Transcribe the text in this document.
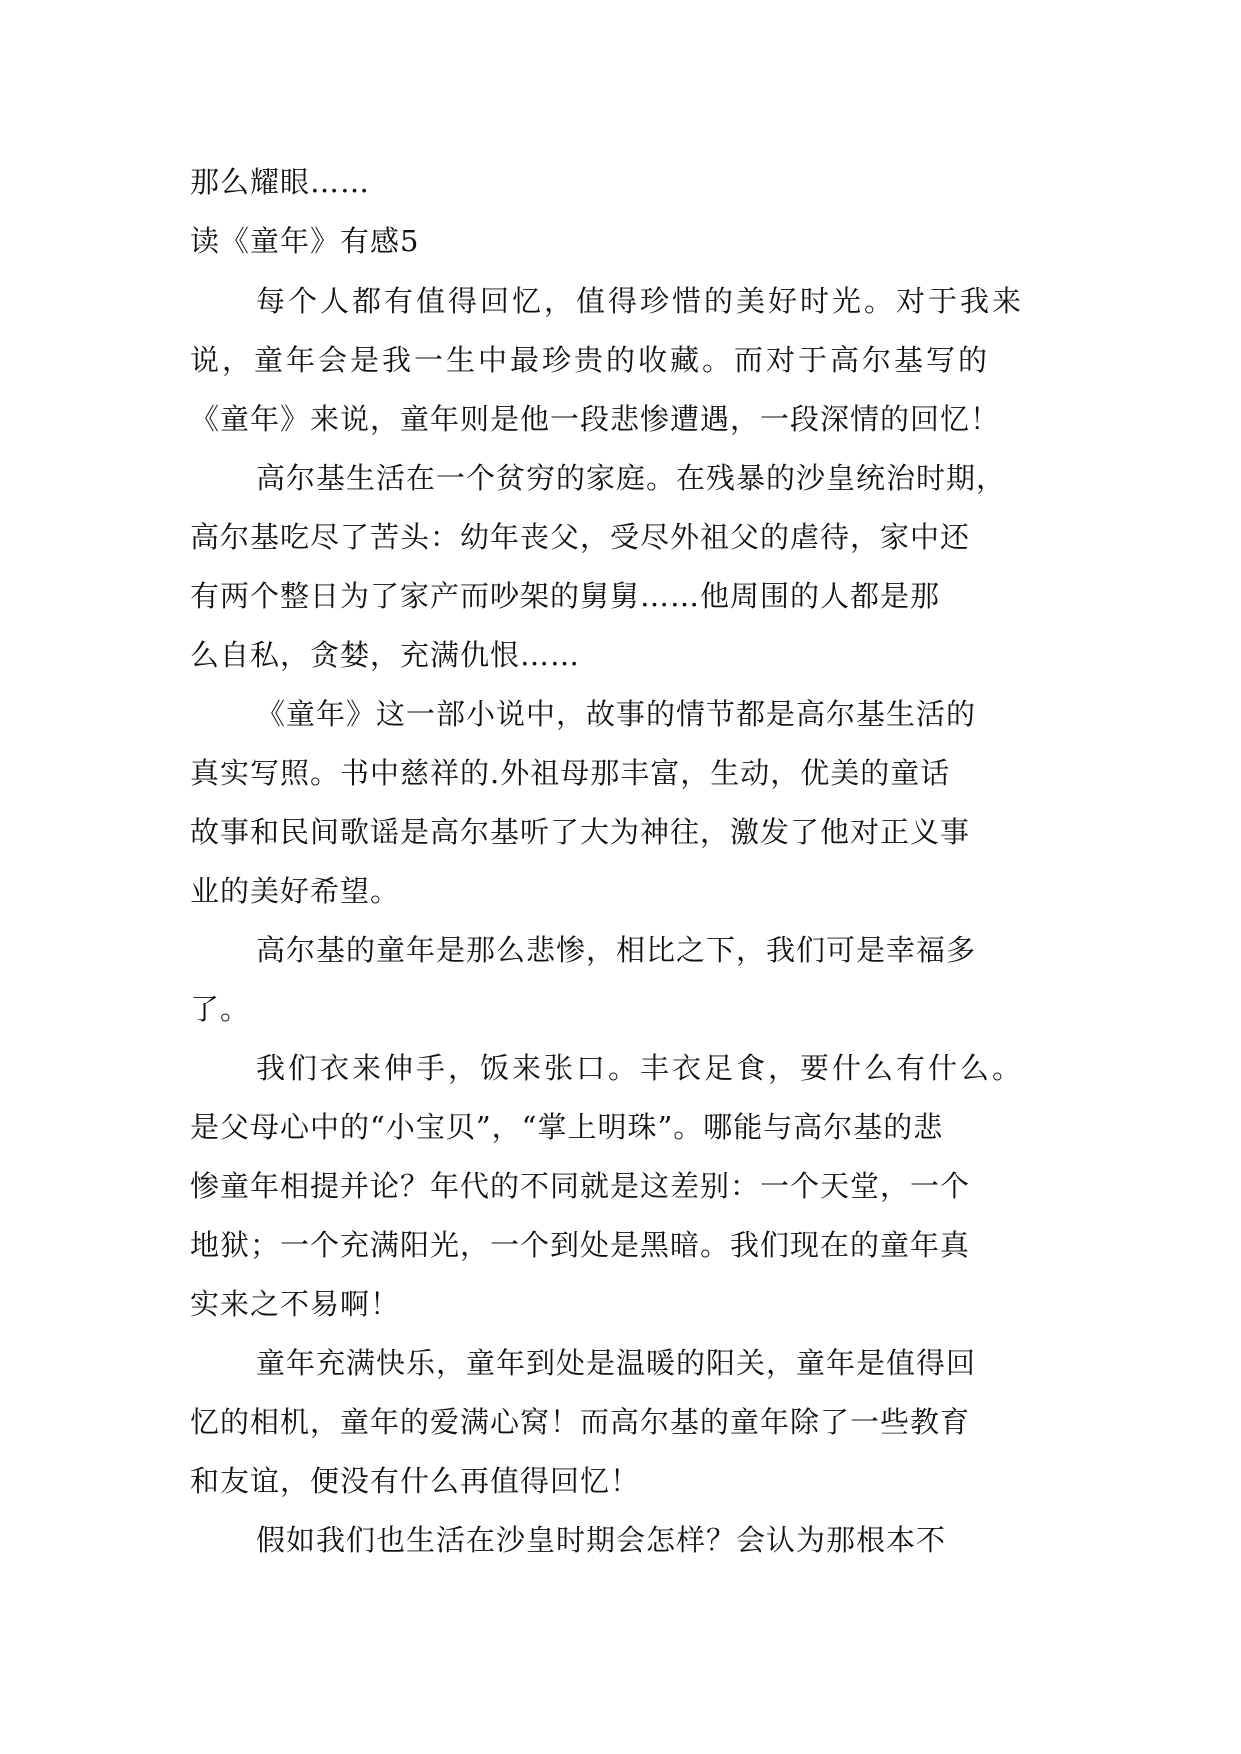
那么耀眼……
读《童年》有感5
每个人都有值得回忆，值得珍惜的美好时光。对于我来
说，童年会是我一生中最珍贵的收藏。而对于高尔基写的
《童年》来说，童年则是他一段悲惨遭遇，一段深情的回忆！
高尔基生活在一个贫穷的家庭。在残暴的沙皇统治时期，
高尔基吃尽了苦头：幼年丧父，受尽外祖父的虐待，家中还
有两个整日为了家产而吵架的舅舅……他周围的人都是那
么自私，贪婪，充满仇恨……
《童年》这一部小说中，故事的情节都是高尔基生活的
真实写照。书中慈祥的.外祖母那丰富，生动，优美的童话
故事和民间歌谣是高尔基听了大为神往，激发了他对正义事
业的美好希望。
高尔基的童年是那么悲惨，相比之下，我们可是幸福多
了。
我们衣来伸手，饭来张口。丰衣足食，要什么有什么。
是父母心中的“小宝贝”，“掌上明珠”。哪能与高尔基的悲
惨童年相提并论？年代的不同就是这差别：一个天堂，一个
地狱；一个充满阳光，一个到处是黑暗。我们现在的童年真
实来之不易啊！
童年充满快乐，童年到处是温暖的阳关，童年是值得回
忆的相机，童年的爱满心窝！而高尔基的童年除了一些教育
和友谊，便没有什么再值得回忆！
假如我们也生活在沙皇时期会怎样？会认为那根本不
